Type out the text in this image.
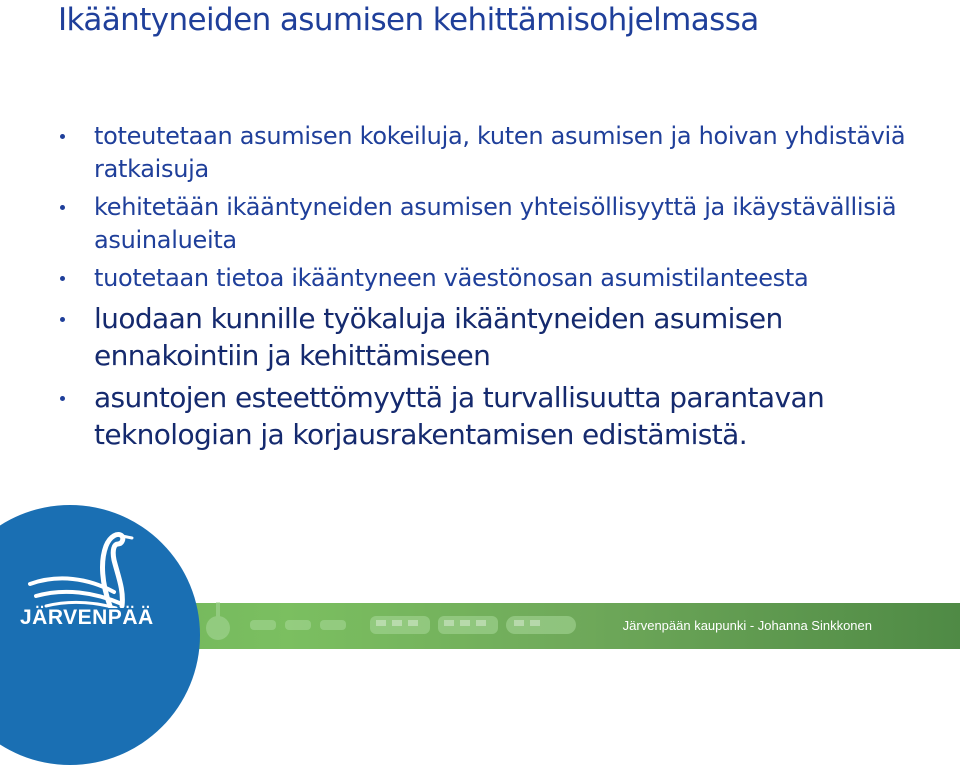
Ikääntyneiden asumisen kehittämisohjelmassa
toteutetaan asumisen kokeiluja, kuten asumisen ja hoivan yhdistäviä ratkaisuja
kehitetään ikääntyneiden asumisen yhteisöllisyyttä ja ikäystävällisiä asuinalueita
tuotetaan tietoa ikääntyneen väestönosan asumistilanteesta
luodaan kunnille työkaluja ikääntyneiden asumisen ennakointiin ja kehittämiseen
asuntojen esteettömyyttä ja turvallisuutta parantavan teknologian ja korjausrakentamisen edistämistä.
JÄRVENPÄÄ	Järvenpään kaupunki - Johanna Sinkkonen
